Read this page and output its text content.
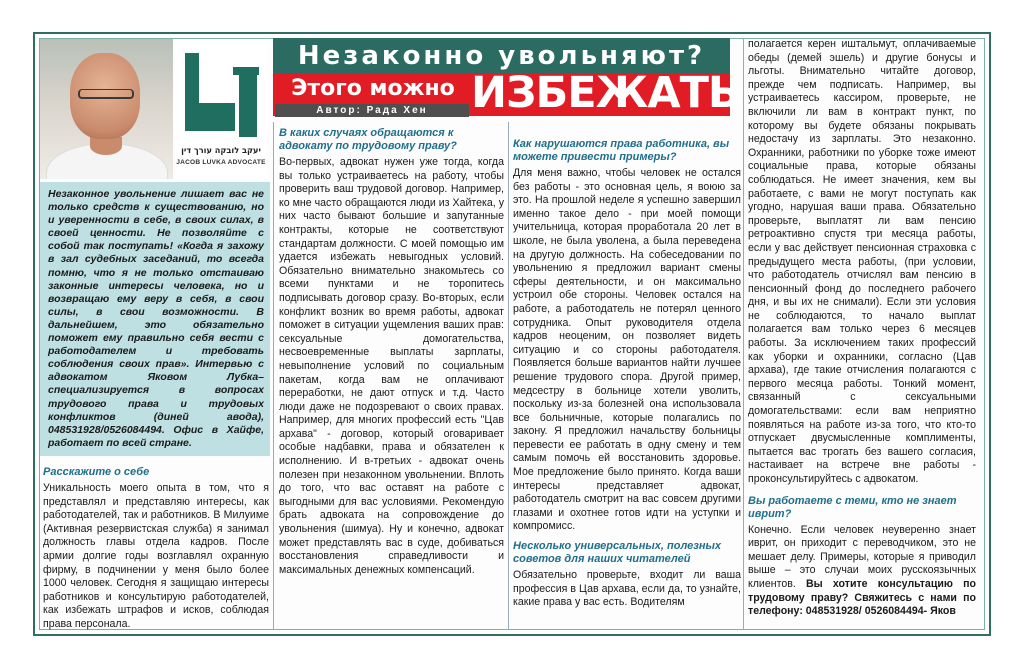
יעקב לובקה עורך דין
JACOB LUVKA ADVOCATE

Незаконное увольнение лишает вас не только средств к существованию, но и уверенности в себе, в своих силах, в своей ценности. Не позволяйте с собой так поступать! «Когда я захожу в зал судебных заседаний, то всегда помню, что я не только отстаиваю законные интересы человека, но и возвращаю ему веру в себя, в свои силы, в свои возможности. В дальнейшем, это обязательно поможет ему правильно себя вести с работодателем и требовать соблюдения своих прав». Интервью с адвокатом Яковом Лубка– специализируется в вопросах трудового права и трудовых конфликтов (диней авода), 048531928/0526084494. Офис в Хайфе, работает по всей стране.

Расскажите о себе

Уникальность моего опыта в том, что я представлял и представляю интересы, как работодателей, так и работников. В Милуиме (Активная резервистская служба) я занимал должность главы отдела кадров. После армии долгие годы возглавлял охранную фирму, в подчинении у меня было более 1000 человек. Сегодня я защищаю интересы работников и консультирую работодателей, как избежать штрафов и исков, соблюдая права персонала.

Незаконно увольняют?
Этого можно ИЗБЕЖАТЬ
Автор: Рада Хен
В каких случаях обращаются к адвокату по трудовому праву?

Во-первых, адвокат нужен уже тогда, когда вы только устраиваетесь на работу, чтобы проверить ваш трудовой договор. Например, ко мне часто обращаются люди из Хайтека, у них часто бывают большие и запутанные контракты, которые не соответствуют стандартам должности. С моей помощью им удается избежать невыгодных условий. Обязательно внимательно знакомьтесь со всеми пунктами и не торопитесь подписывать договор сразу. Во-вторых, если конфликт возник во время работы, адвокат поможет в ситуации ущемления ваших прав: сексуальные домогательства, несвоевременные выплаты зарплаты, невыполнение условий по социальным пакетам, когда вам не оплачивают переработки, не дают отпуск и т.д. Часто люди даже не подозревают о своих правах. Например, для многих профессий есть "Цав архава" - договор, который оговаривает особые надбавки, права и обязателен к исполнению. И в-третьих - адвокат очень полезен при незаконном увольнении. Вплоть до того, что вас оставят на работе с выгодными для вас условиями. Рекомендую брать адвоката на сопровождение до увольнения (шимуа). Ну и конечно, адвокат может представлять вас в суде, добиваться восстановления справедливости и максимальных денежных компенсаций.

Как нарушаются права работника, вы можете привести примеры?

Для меня важно, чтобы человек не остался без работы - это основная цель, я воюю за это. На прошлой неделе я успешно завершил именно такое дело - при моей помощи учительница, которая проработала 20 лет в школе, не была уволена, а была переведена на другую должность. На собеседовании по увольнению я предложил вариант смены сферы деятельности, и он максимально устроил обе стороны. Человек остался на работе, а работодатель не потерял ценного сотрудника. Опыт руководителя отдела кадров неоценим, он позволяет видеть ситуацию и со стороны работодателя. Появляется больше вариантов найти лучшее решение трудового спора. Другой пример, медсестру в больнице хотели уволить, поскольку из-за болезней она использовала все больничные, которые полагались по закону. Я предложил начальству больницы перевести ее работать в одну смену и тем самым помочь ей восстановить здоровье. Мое предложение было принято. Когда ваши интересы представляет адвокат, работодатель смотрит на вас совсем другими глазами и охотнее готов идти на уступки и компромисс.

Несколько универсальных, полезных советов для наших читателей

Обязательно проверьте, входит ли ваша профессия в Цав архава, если да, то узнайте, какие права у вас есть. Водителям

полагается керен иштальмут, оплачиваемые обеды (демей эшель) и другие бонусы и льготы. Внимательно читайте договор, прежде чем подписать. Например, вы устраиваетесь кассиром, проверьте, не включили ли вам в контракт пункт, по которому вы будете обязаны покрывать недостачу из зарплаты. Это незаконно. Охранники, работники по уборке тоже имеют социальные права, которые обязаны соблюдаться. Не имеет значения, кем вы работаете, с вами не могут поступать как угодно, нарушая ваши права. Обязательно проверьте, выплатят ли вам пенсию ретроактивно спустя три месяца работы, если у вас действует пенсионная страховка с предыдущего места работы, (при условии, что работодатель отчислял вам пенсию в пенсионный фонд до последнего рабочего дня, и вы их не снимали). Если эти условия не соблюдаются, то начало выплат полагается вам только через 6 месяцев работы. За исключением таких профессий как уборки и охранники, согласно (Цав архава), где такие отчисления полагаются с первого месяца работы. Тонкий момент, связанный с сексуальными домогательствами: если вам неприятно появляться на работе из-за того, что кто-то отпускает двусмысленные комплименты, пытается вас трогать без вашего согласия, настаивает на встрече вне работы - проконсультируйтесь с адвокатом.

Вы работаете с теми, кто не знает иврит?

Конечно. Если человек неуверенно знает иврит, он приходит с переводчиком, это не мешает делу. Примеры, которые я приводил выше – это случаи моих русскоязычных клиентов. Вы хотите консультацию по трудовому праву? Свяжитесь с нами по телефону: 048531928/ 0526084494- Яков
